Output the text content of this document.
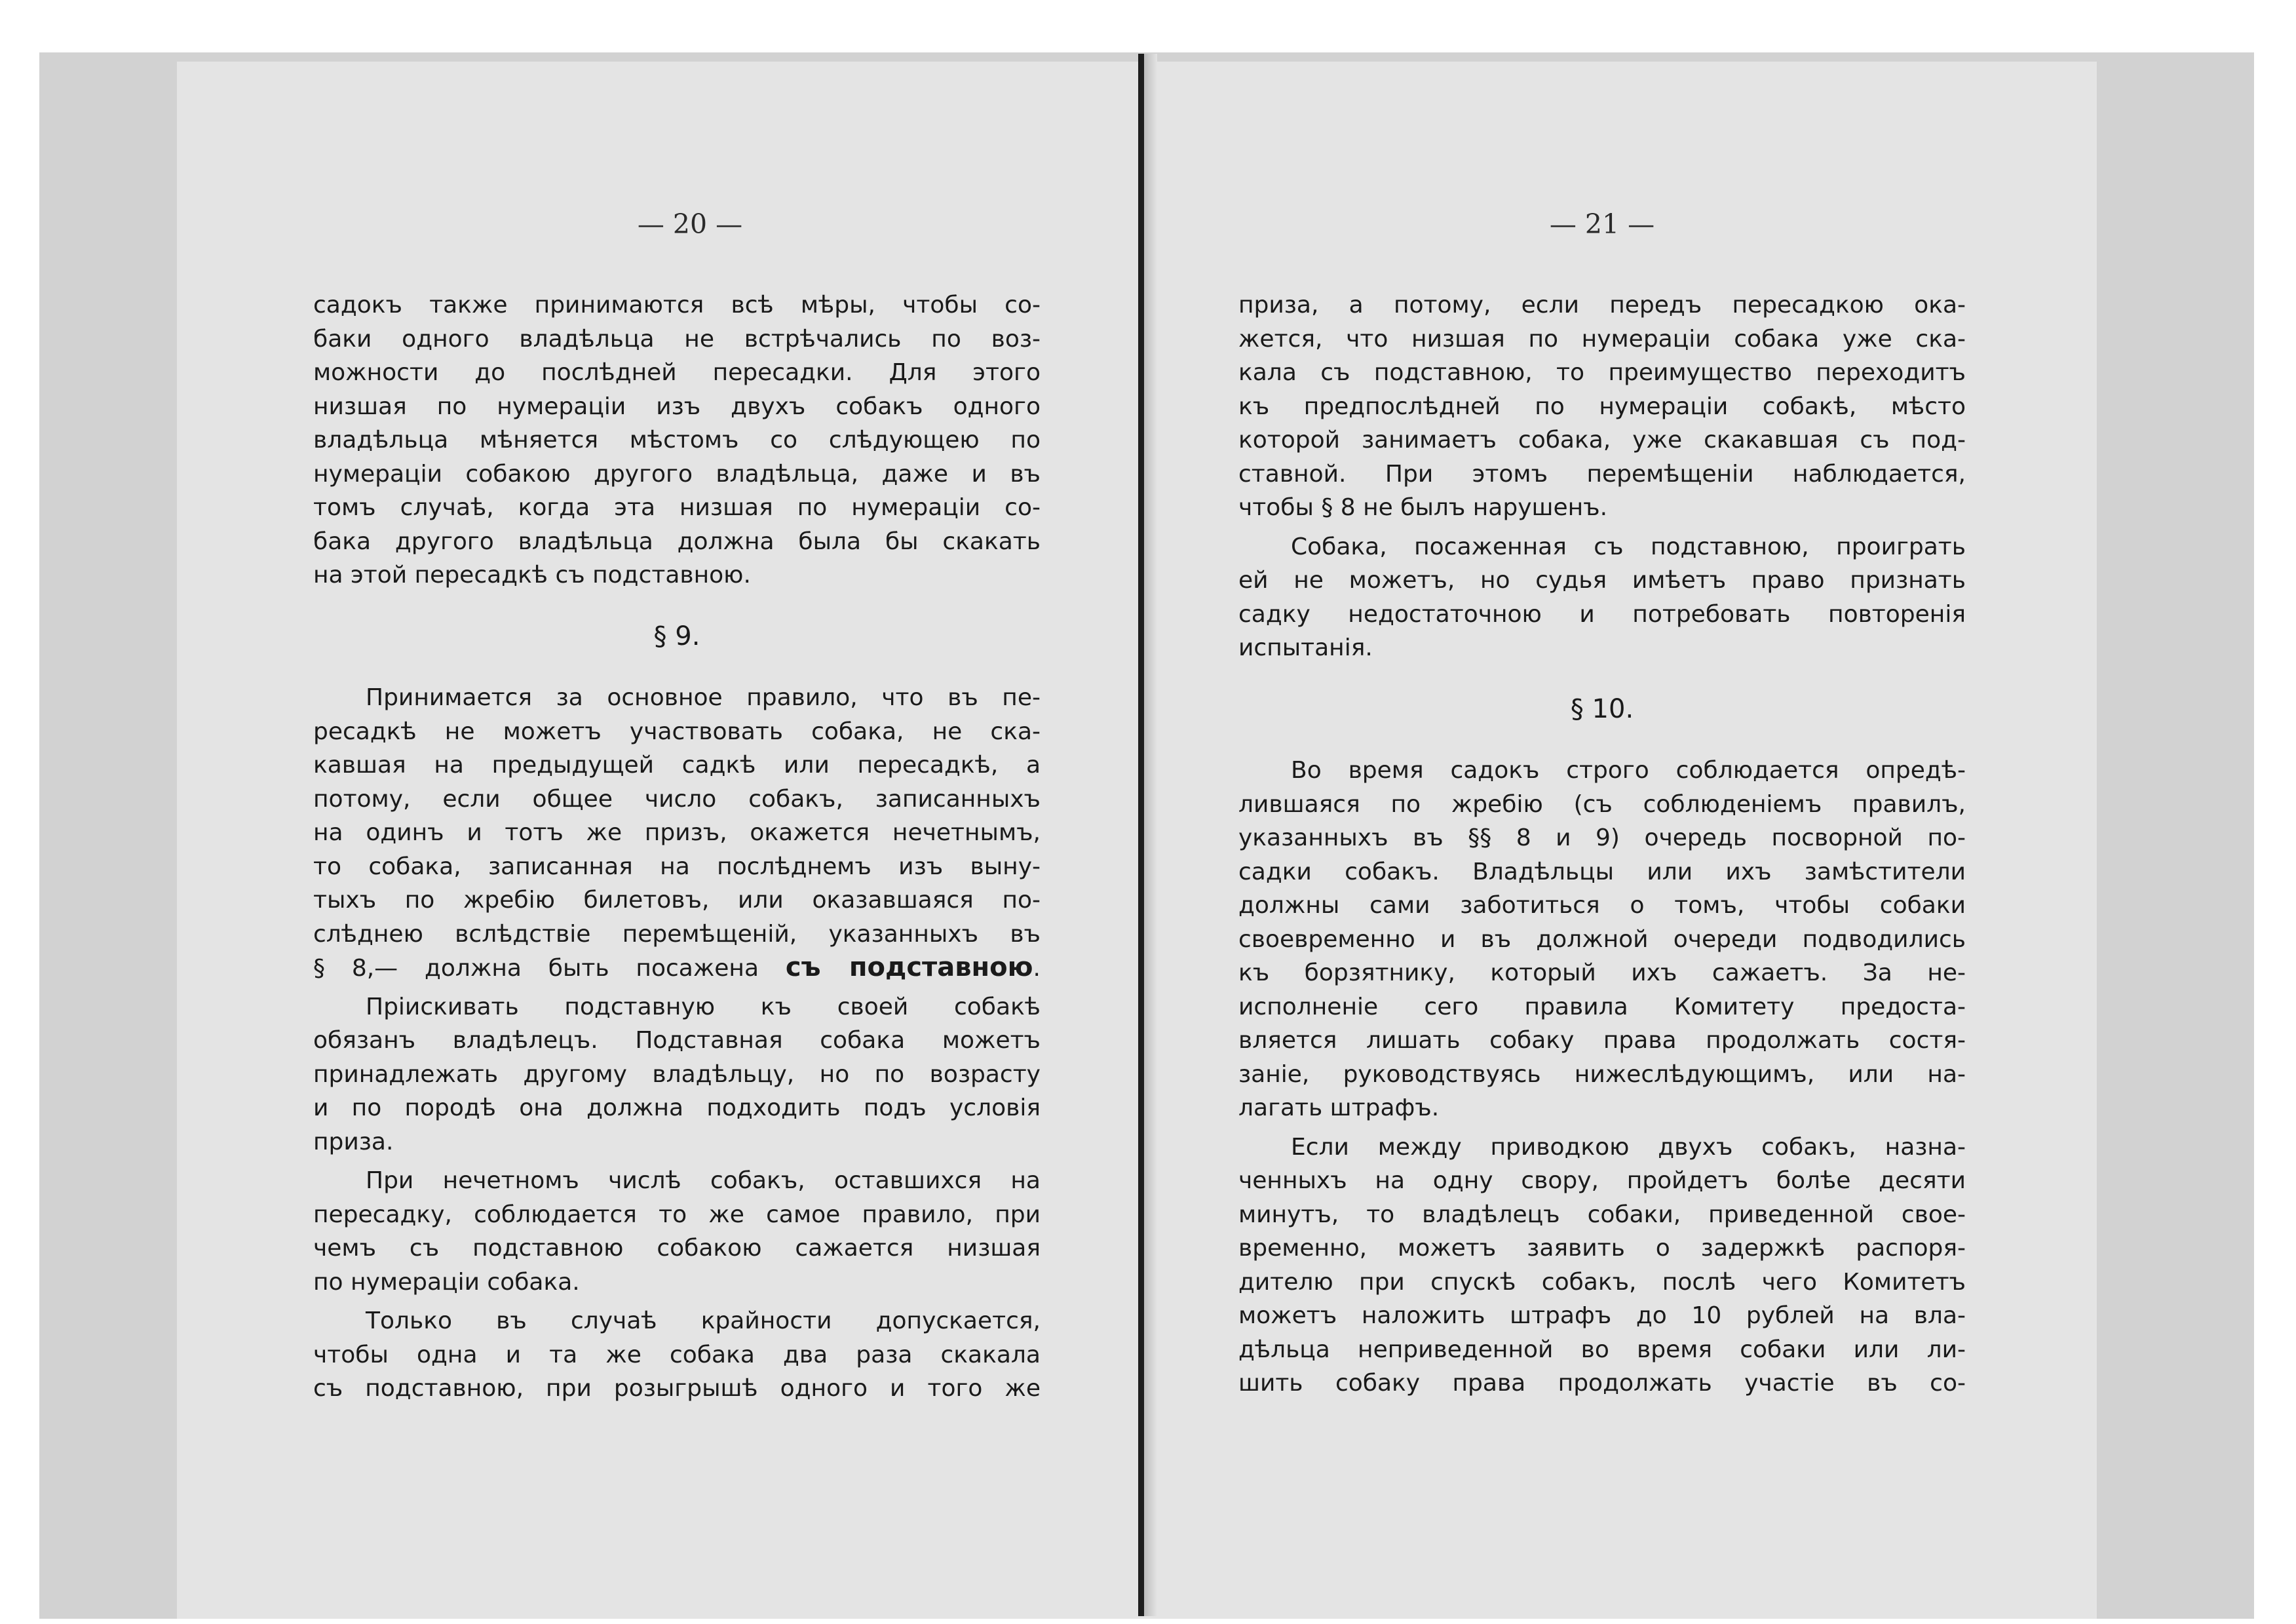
— 20 —

садокъ также принимаются всѣ мѣры, чтобы со-
баки одного владѣльца не встрѣчались по воз-
можности до послѣдней пересадки. Для этого
низшая по нумераціи изъ двухъ собакъ одного
владѣльца мѣняется мѣстомъ со слѣдующею по
нумераціи собакою другого владѣльца, даже и въ
томъ случаѣ, когда эта низшая по нумераціи со-
бака другого владѣльца должна была бы скакать
на этой пересадкѣ съ подставною.
§ 9.
Принимается за основное правило, что въ пе-
ресадкѣ не можетъ участвовать собака, не ска-
кавшая на предыдущей садкѣ или пересадкѣ, а
потому, если общее число собакъ, записанныхъ
на одинъ и тотъ же призъ, окажется нечетнымъ,
то собака, записанная на послѣднемъ изъ выну-
тыхъ по жребію билетовъ, или оказавшаяся по-
слѣднею вслѣдствіе перемѣщеній, указанныхъ въ
§ 8,— должна быть посажена съ подставною.
Пріискивать подставную къ своей собакѣ
обязанъ владѣлецъ. Подставная собака можетъ
принадлежать другому владѣльцу, но по возрасту
и по породѣ она должна подходить подъ условія
приза.
При нечетномъ числѣ собакъ, оставшихся на
пересадку, соблюдается то же самое правило, при
чемъ съ подставною собакою сажается низшая
по нумераціи собака.
Только въ случаѣ крайности допускается,
чтобы одна и та же собака два раза скакала
съ подставною, при розыгрышѣ одного и того же

— 21 —

приза, а потому, если передъ пересадкою ока-
жется, что низшая по нумераціи собака уже ска-
кала съ подставною, то преимущество переходитъ
къ предпослѣдней по нумераціи собакѣ, мѣсто
которой занимаетъ собака, уже скакавшая съ под-
ставной. При этомъ перемѣщеніи наблюдается,
чтобы § 8 не былъ нарушенъ.
Собака, посаженная съ подставною, проиграть
ей не можетъ, но судья имѣетъ право признать
садку недостаточною и потребовать повторенія
испытанія.
§ 10.
Во время садокъ строго соблюдается опредѣ-
лившаяся по жребію (съ соблюденіемъ правилъ,
указанныхъ въ §§ 8 и 9) очередь посворной по-
садки собакъ. Владѣльцы или ихъ замѣстители
должны сами заботиться о томъ, чтобы собаки
своевременно и въ должной очереди подводились
къ борзятнику, который ихъ сажаетъ. За не-
исполненіе сего правила Комитету предоста-
вляется лишать собаку права продолжать состя-
заніе, руководствуясь нижеслѣдующимъ, или на-
лагать штрафъ.
Если между приводкою двухъ собакъ, назна-
ченныхъ на одну свору, пройдетъ болѣе десяти
минутъ, то владѣлецъ собаки, приведенной свое-
временно, можетъ заявить о задержкѣ распоря-
дителю при спускѣ собакъ, послѣ чего Комитетъ
можетъ наложить штрафъ до 10 рублей на вла-
дѣльца неприведенной во время собаки или ли-
шить собаку права продолжать участіе въ со-
